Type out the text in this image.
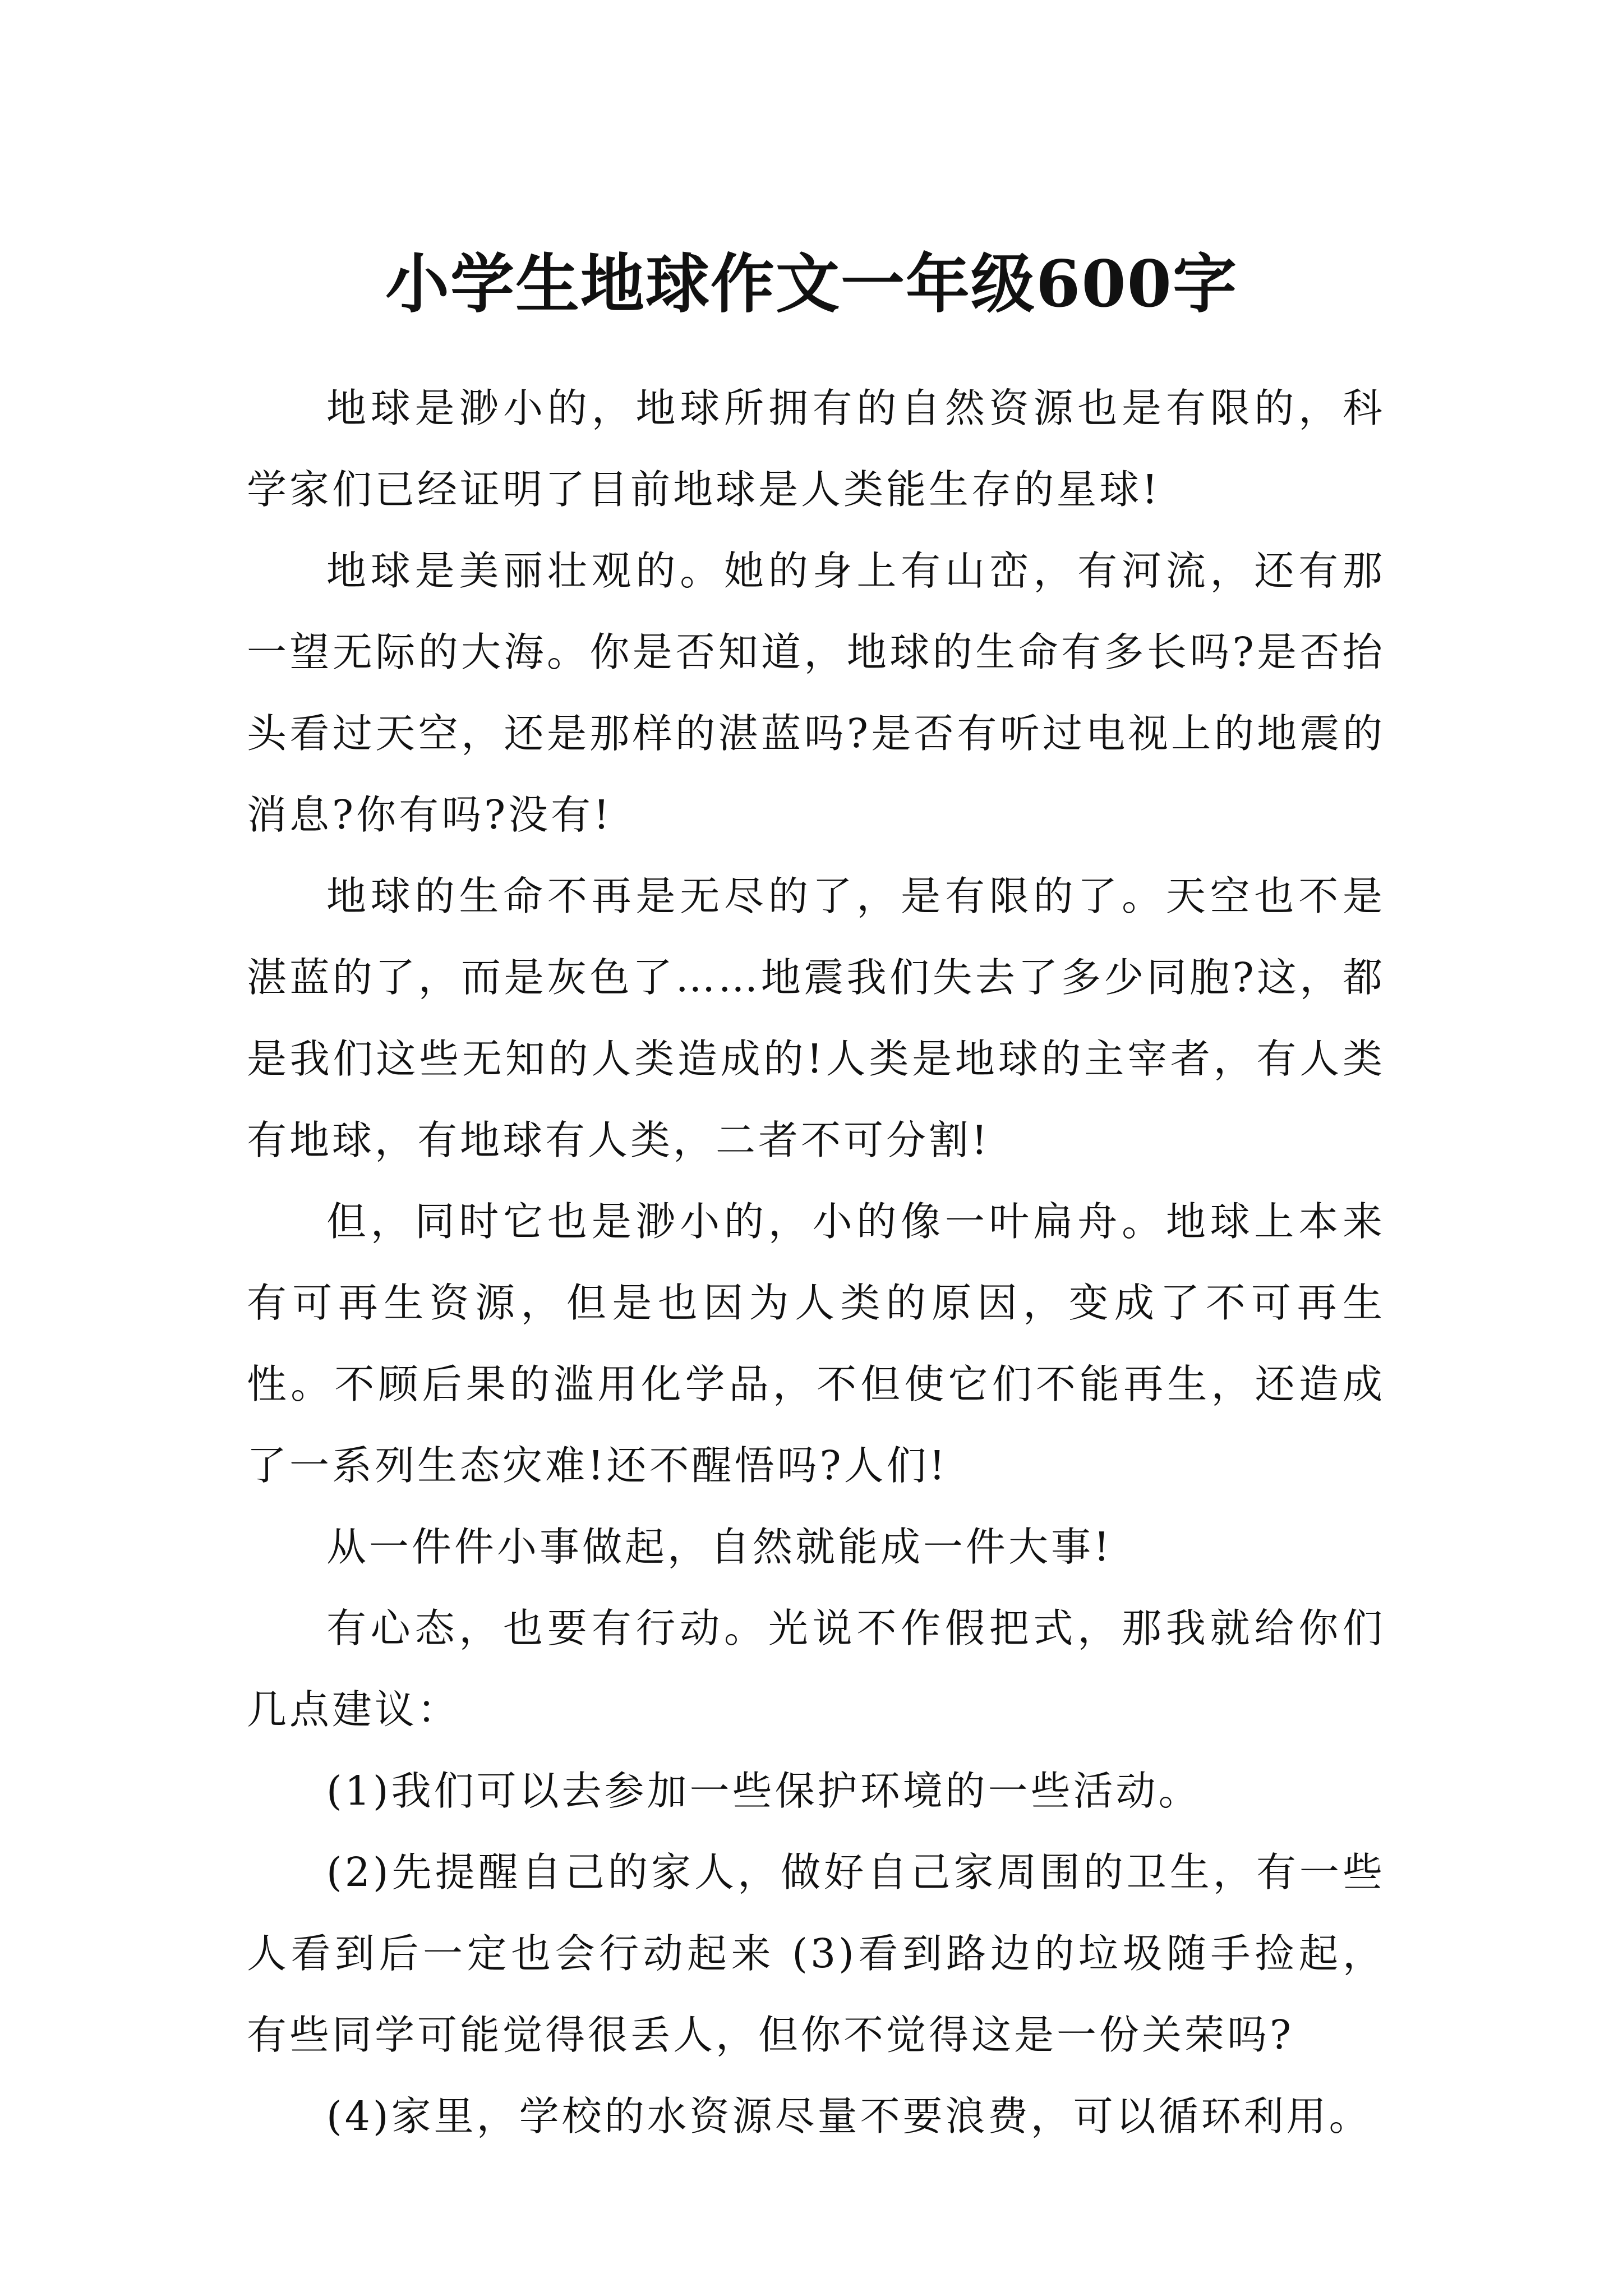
小学生地球作文一年级600字

地球是渺小的，地球所拥有的自然资源也是有限的，科学家们已经证明了目前地球是人类能生存的星球!

地球是美丽壮观的。她的身上有山峦，有河流，还有那一望无际的大海。你是否知道，地球的生命有多长吗?是否抬头看过天空，还是那样的湛蓝吗?是否有听过电视上的地震的消息?你有吗?没有!

地球的生命不再是无尽的了，是有限的了。天空也不是湛蓝的了，而是灰色了……地震我们失去了多少同胞?这，都是我们这些无知的人类造成的!人类是地球的主宰者，有人类有地球，有地球有人类，二者不可分割!

但，同时它也是渺小的，小的像一叶扁舟。地球上本来有可再生资源，但是也因为人类的原因，变成了不可再生性。不顾后果的滥用化学品，不但使它们不能再生，还造成了一系列生态灾难!还不醒悟吗?人们!

从一件件小事做起，自然就能成一件大事!

有心态，也要有行动。光说不作假把式，那我就给你们几点建议：

(1)我们可以去参加一些保护环境的一些活动。

(2)先提醒自己的家人，做好自己家周围的卫生，有一些人看到后一定也会行动起来 (3)看到路边的垃圾随手捡起，有些同学可能觉得很丢人，但你不觉得这是一份关荣吗?

(4)家里，学校的水资源尽量不要浪费，可以循环利用。
